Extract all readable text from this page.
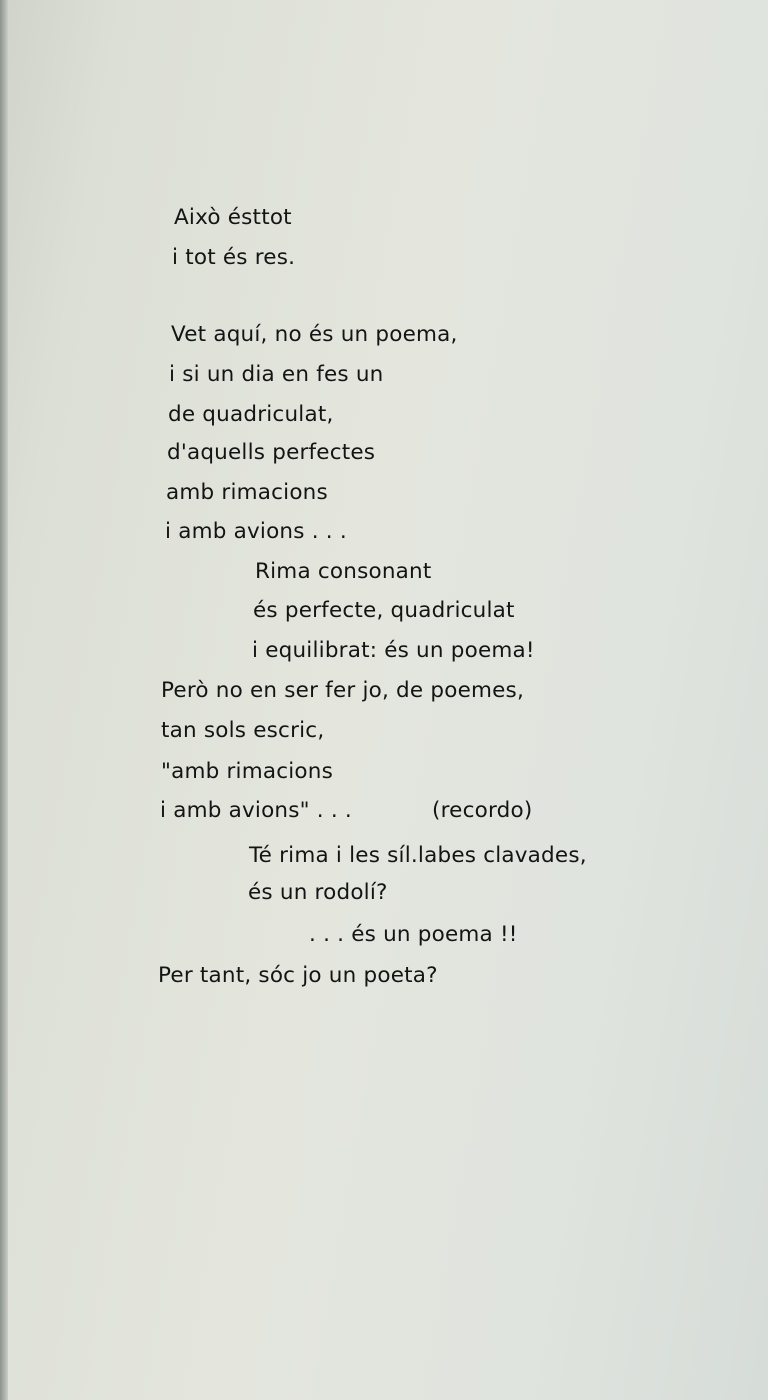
Això ésttot
i tot és res.
Vet aquí, no és un poema,
i si un dia en fes un
de quadriculat,
d'aquells perfectes
amb rimacions
i amb avions . . .
Rima consonant
és perfecte, quadriculat
i equilibrat: és un poema!
Però no en ser fer jo, de poemes,
tan sols escric,
"amb rimacions
i amb avions" . . .	(recordo)
Té rima i les síl.labes clavades,
és un rodolí?
. . . és un poema !!
Per tant, sóc jo un poeta?
